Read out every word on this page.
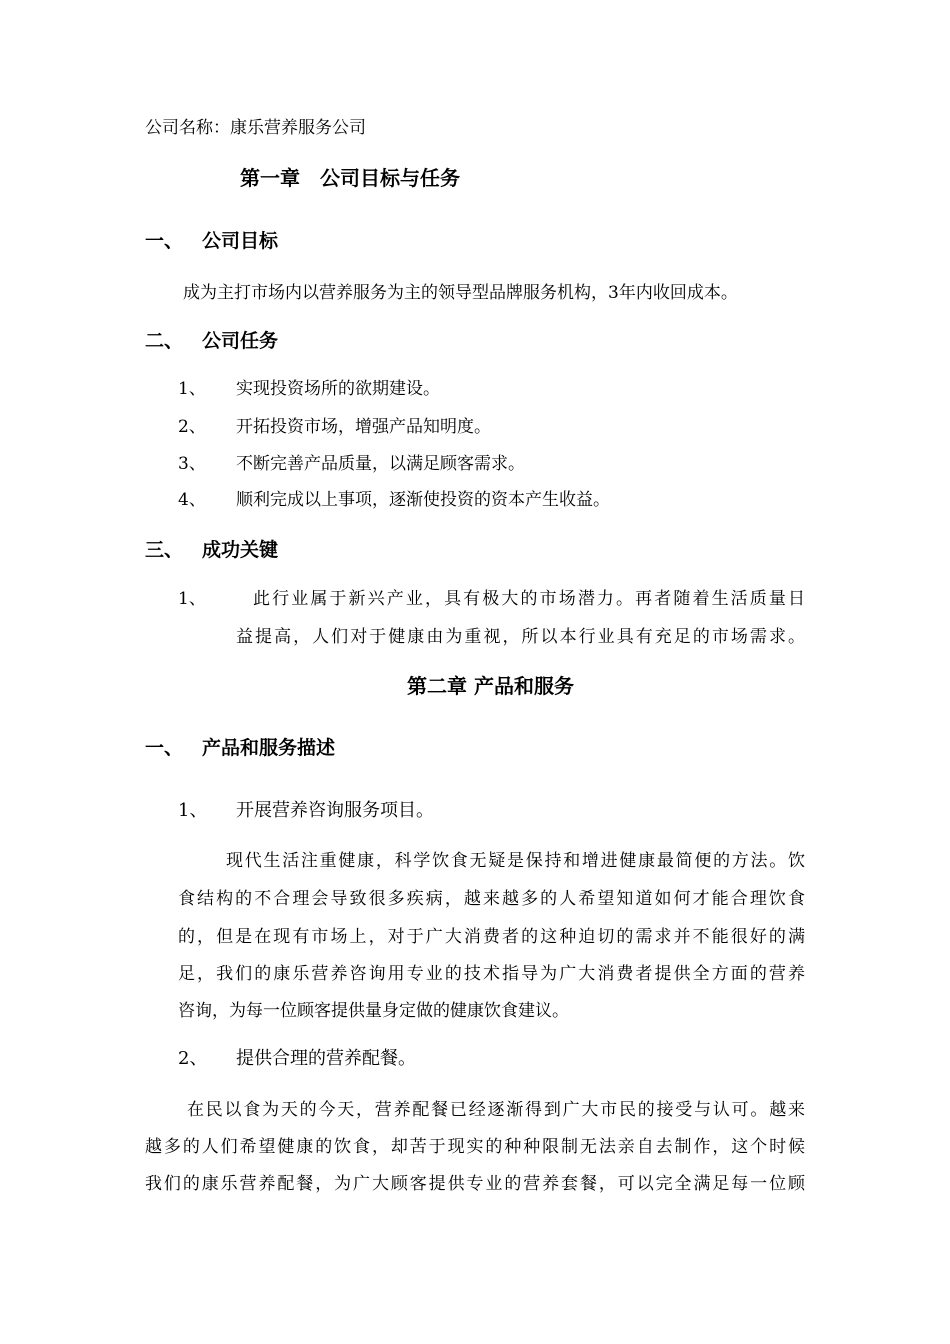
公司名称：康乐营养服务公司
第一章　公司目标与任务
一、 公司目标
成为主打市场内以营养服务为主的领导型品牌服务机构，3年内收回成本。
二、 公司任务
1、 实现投资场所的欲期建设。
2、 开拓投资市场，增强产品知明度。
3、 不断完善产品质量，以满足顾客需求。
4、 顺利完成以上事项，逐渐使投资的资本产生收益。
三、 成功关键
1、	此行业属于新兴产业，具有极大的市场潜力。再者随着生活质量日
益提高，人们对于健康由为重视，所以本行业具有充足的市场需求。
第二章 产品和服务
一、 产品和服务描述
1、 开展营养咨询服务项目。
现代生活注重健康，科学饮食无疑是保持和增进健康最简便的方法。饮
食结构的不合理会导致很多疾病，越来越多的人希望知道如何才能合理饮食
的，但是在现有市场上，对于广大消费者的这种迫切的需求并不能很好的满
足，我们的康乐营养咨询用专业的技术指导为广大消费者提供全方面的营养
咨询，为每一位顾客提供量身定做的健康饮食建议。
2、 提供合理的营养配餐。
在民以食为天的今天，营养配餐已经逐渐得到广大市民的接受与认可。越来
越多的人们希望健康的饮食，却苦于现实的种种限制无法亲自去制作，这个时候
我们的康乐营养配餐，为广大顾客提供专业的营养套餐，可以完全满足每一位顾
